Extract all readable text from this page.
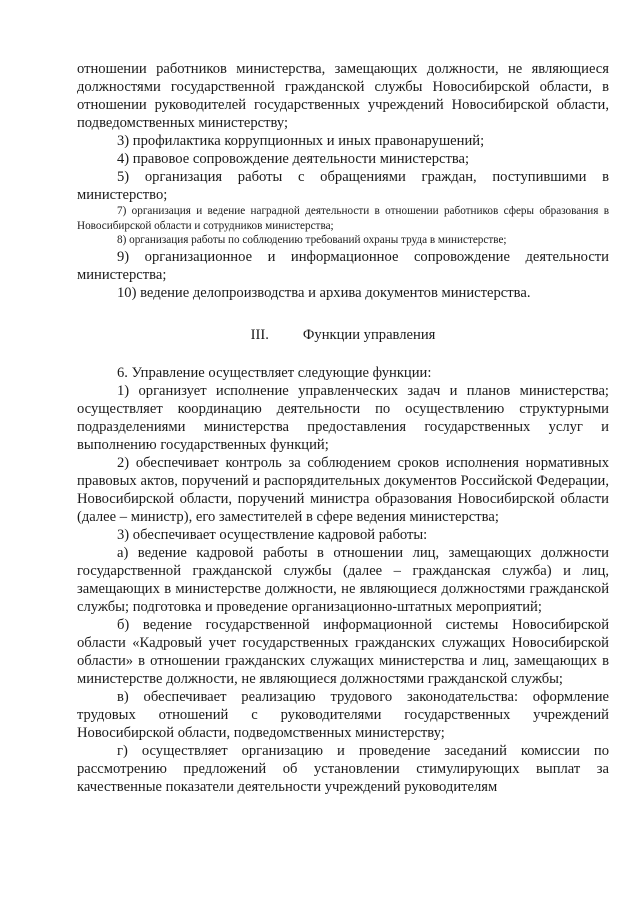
отношении работников министерства, замещающих должности, не являющиеся должностями государственной гражданской службы Новосибирской области, в отношении руководителей государственных учреждений Новосибирской области, подведомственных министерству;

3) профилактика коррупционных и иных правонарушений;

4) правовое сопровождение деятельности министерства;

5) организация работы с обращениями граждан, поступившими в министерство;

7) организация и ведение наградной деятельности в отношении работников сферы образования в Новосибирской области и сотрудников министерства;

8) организация работы по соблюдению требований охраны труда в министерстве;

9) организационное и информационное сопровождение деятельности министерства;

10) ведение делопроизводства и архива документов министерства.

III. Функции управления

6. Управление осуществляет следующие функции:

1) организует исполнение управленческих задач и планов министерства; осуществляет координацию деятельности по осуществлению структурными подразделениями министерства предоставления государственных услуг и выполнению государственных функций;

2) обеспечивает контроль за соблюдением сроков исполнения нормативных правовых актов, поручений и распорядительных документов Российской Федерации, Новосибирской области, поручений министра образования Новосибирской области (далее – министр), его заместителей в сфере ведения министерства;

3) обеспечивает осуществление кадровой работы:

а) ведение кадровой работы в отношении лиц, замещающих должности государственной гражданской службы (далее – гражданская служба) и лиц, замещающих в министерстве должности, не являющиеся должностями гражданской службы; подготовка и проведение организационно-штатных мероприятий;

б) ведение государственной информационной системы Новосибирской области «Кадровый учет государственных гражданских служащих Новосибирской области» в отношении гражданских служащих министерства и лиц, замещающих в министерстве должности, не являющиеся должностями гражданской службы;

в) обеспечивает реализацию трудового законодательства: оформление трудовых отношений с руководителями государственных учреждений Новосибирской области, подведомственных министерству;

г) осуществляет организацию и проведение заседаний комиссии по рассмотрению предложений об установлении стимулирующих выплат за качественные показатели деятельности учреждений руководителям
